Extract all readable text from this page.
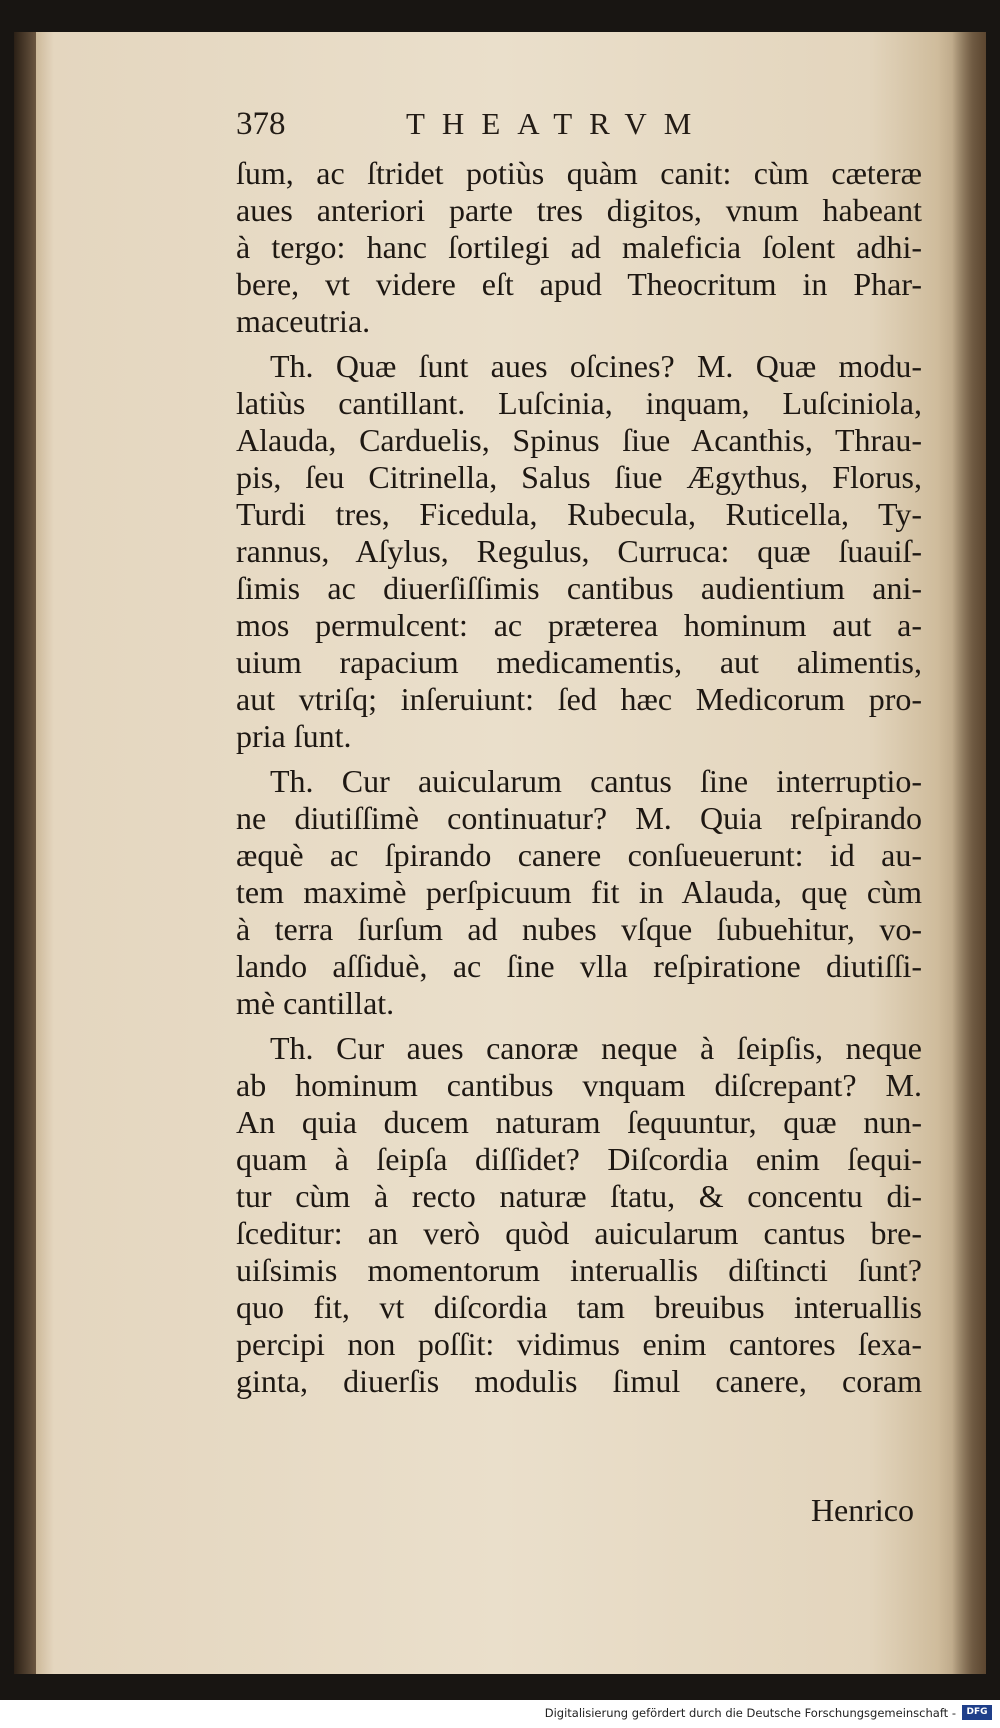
378	THEATRVM
ſum, ac ſtridet potiùs quàm canit: cùm cæteræ
aues anteriori parte tres digitos, vnum habeant
à tergo: hanc ſortilegi ad maleficia ſolent adhi-
bere, vt videre eſt apud Theocritum in Phar-
maceutria.
Th. Quæ ſunt aues oſcines? M. Quæ modu-
latiùs cantillant. Luſcinia, inquam, Luſciniola,
Alauda, Carduelis, Spinus ſiue Acanthis, Thrau-
pis, ſeu Citrinella, Salus ſiue Ægythus, Florus,
Turdi tres, Ficedula, Rubecula, Ruticella, Ty-
rannus, Aſylus, Regulus, Curruca: quæ ſuauiſ-
ſimis ac diuerſiſſimis cantibus audientium ani-
mos permulcent: ac præterea hominum aut a-
uium rapacium medicamentis, aut alimentis,
aut vtriſq; inſeruiunt: ſed hæc Medicorum pro-
pria ſunt.
Th. Cur auicularum cantus ſine interruptio-
ne diutiſſimè continuatur? M. Quia reſpirando
æquè ac ſpirando canere conſueuerunt: id au-
tem maximè perſpicuum fit in Alauda, quę cùm
à terra ſurſum ad nubes vſque ſubuehitur, vo-
lando aſſiduè, ac ſine vlla reſpiratione diutiſſi-
mè cantillat.
Th. Cur aues canoræ neque à ſeipſis, neque
ab hominum cantibus vnquam diſcrepant? M.
An quia ducem naturam ſequuntur, quæ nun-
quam à ſeipſa diſſidet? Diſcordia enim ſequi-
tur cùm à recto naturæ ſtatu, & concentu di-
ſceditur: an verò quòd auicularum cantus bre-
uiſsimis momentorum interuallis diſtincti ſunt?
quo fit, vt diſcordia tam breuibus interuallis
percipi non poſſit: vidimus enim cantores ſexa-
ginta, diuerſis modulis ſimul canere, coram
Henrico
Digitalisierung gefördert durch die Deutsche Forschungsgemeinschaft -	DFG
